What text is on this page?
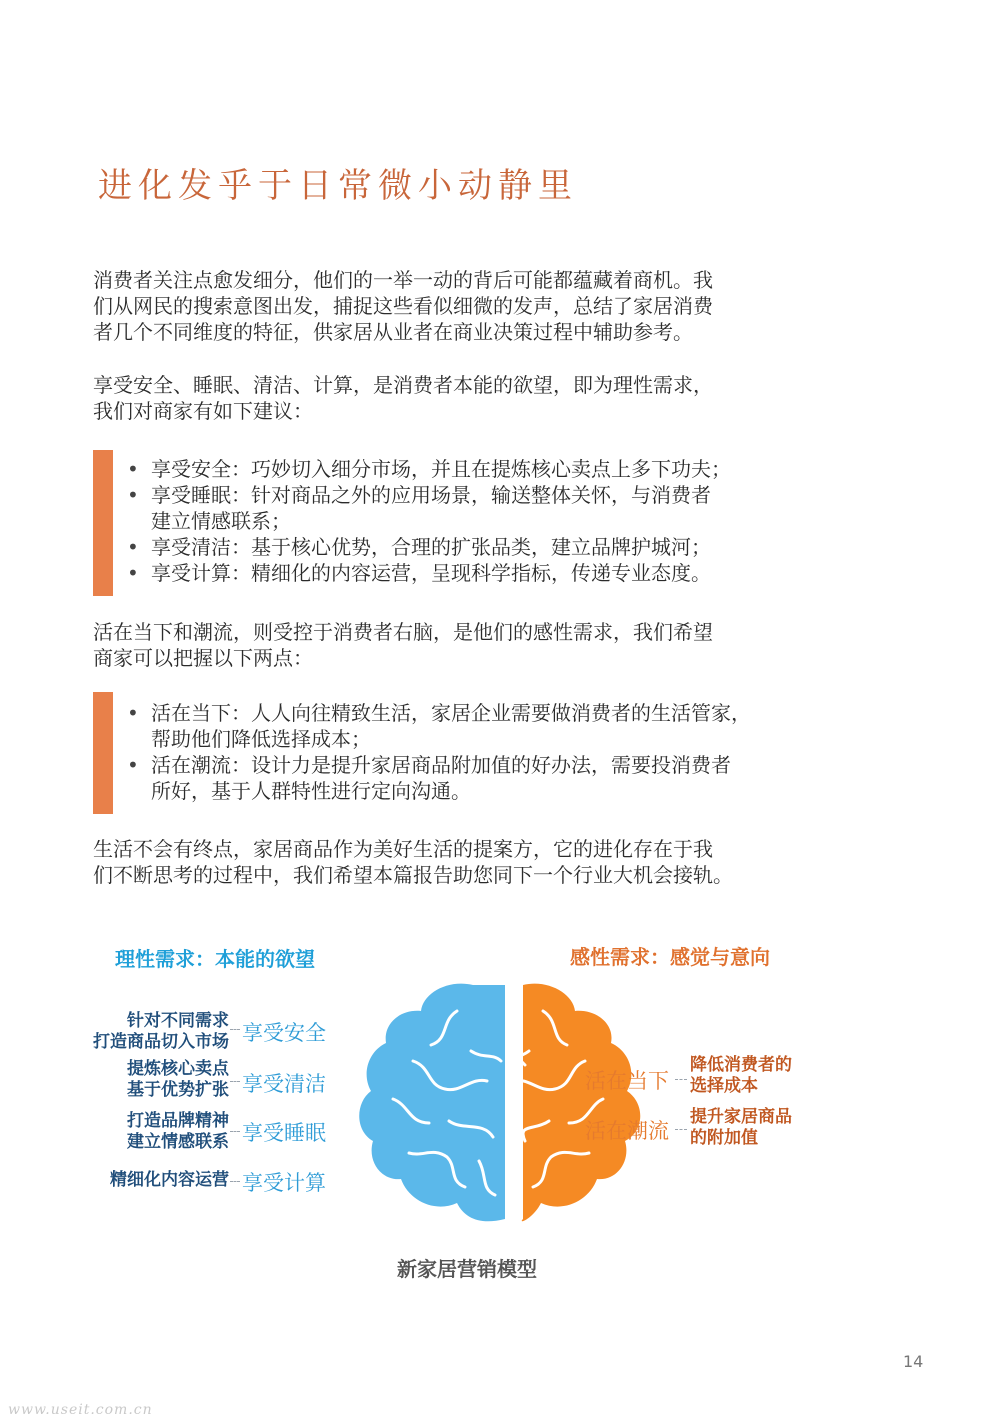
进化发乎于日常微小动静里

消费者关注点愈发细分，他们的一举一动的背后可能都蕴藏着商机。我

们从网民的搜索意图出发，捕捉这些看似细微的发声，总结了家居消费

者几个不同维度的特征，供家居从业者在商业决策过程中辅助参考。

享受安全、睡眠、清洁、计算，是消费者本能的欲望，即为理性需求，

我们对商家有如下建议：

• 享受安全：巧妙切入细分市场，并且在提炼核心卖点上多下功夫；
• 享受睡眠：针对商品之外的应用场景，输送整体关怀，与消费者
建立情感联系；
• 享受清洁：基于核心优势，合理的扩张品类，建立品牌护城河；
• 享受计算：精细化的内容运营，呈现科学指标，传递专业态度。

活在当下和潮流，则受控于消费者右脑，是他们的感性需求，我们希望

商家可以把握以下两点：

• 活在当下：人人向往精致生活，家居企业需要做消费者的生活管家，
帮助他们降低选择成本；
• 活在潮流：设计力是提升家居商品附加值的好办法，需要投消费者
所好，基于人群特性进行定向沟通。

生活不会有终点，家居商品作为美好生活的提案方，它的进化存在于我

们不断思考的过程中，我们希望本篇报告助您同下一个行业大机会接轨。

理性需求：本能的欲望	感性需求：感觉与意向
针对不同需求
打造商品切入市场 享受安全
提炼核心卖点
基于优势扩张 享受清洁
打造品牌精神
建立情感联系 享受睡眠
精细化内容运营 享受计算
活在当下
降低消费者的
选择成本
活在潮流
提升家居商品
的附加值
新家居营销模型
14
www.useit.com.cn
